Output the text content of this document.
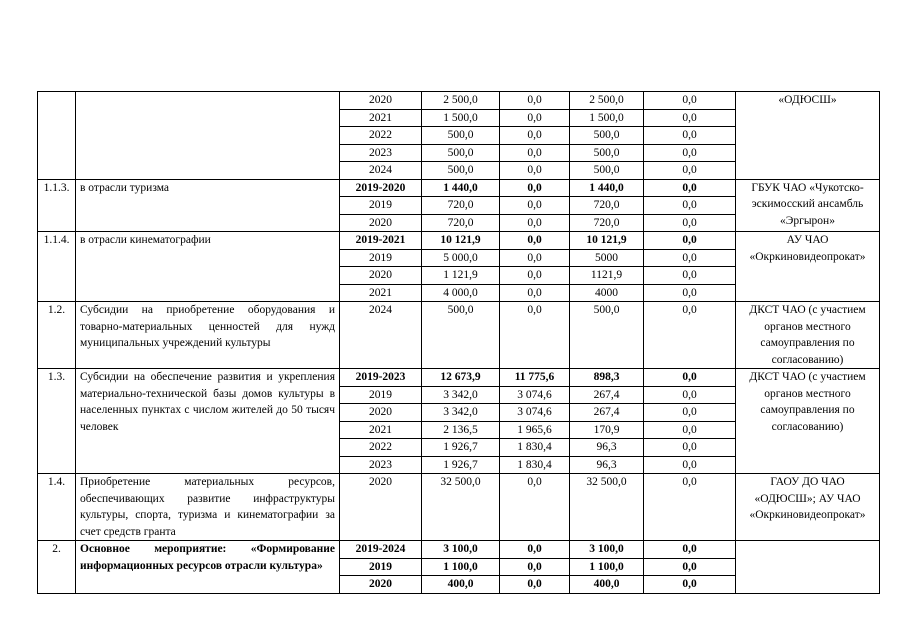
		2020	2 500,0	0,0	2 500,0	0,0	«ОДЮСШ»
		2021	1 500,0	0,0	1 500,0	0,0	
		2022	500,0	0,0	500,0	0,0	
		2023	500,0	0,0	500,0	0,0	
		2024	500,0	0,0	500,0	0,0	
1.1.3.	в отрасли туризма	2019-2020	1 440,0	0,0	1 440,0	0,0	ГБУК ЧАО «Чукотско-эскимосский ансамбль «Эргырон»
		2019	720,0	0,0	720,0	0,0	
		2020	720,0	0,0	720,0	0,0	
1.1.4.	в отрасли кинематографии	2019-2021	10 121,9	0,0	10 121,9	0,0	АУ ЧАО «Окркиновидеопрокат»
		2019	5 000,0	0,0	5000	0,0	
		2020	1 121,9	0,0	1121,9	0,0	
		2021	4 000,0	0,0	4000	0,0	
1.2.	Субсидии на приобретение оборудования и товарно-материальных ценностей для нужд муниципальных учреждений культуры	2024	500,0	0,0	500,0	0,0	ДКСТ ЧАО (с участием органов местного самоуправления по согласованию)
1.3.	Субсидии на обеспечение развития и укрепления материально-технической базы домов культуры в населенных пунктах с числом жителей до 50 тысяч человек	2019-2023	12 673,9	11 775,6	898,3	0,0	ДКСТ ЧАО (с участием органов местного самоуправления по согласованию)
		2019	3 342,0	3 074,6	267,4	0,0	
		2020	3 342,0	3 074,6	267,4	0,0	
		2021	2 136,5	1 965,6	170,9	0,0	
		2022	1 926,7	1 830,4	96,3	0,0	
		2023	1 926,7	1 830,4	96,3	0,0	
1.4.	Приобретение материальных ресурсов, обеспечивающих развитие инфраструктуры культуры, спорта, туризма и кинематографии за счет средств гранта	2020	32 500,0	0,0	32 500,0	0,0	ГАОУ ДО ЧАО «ОДЮСШ»; АУ ЧАО «Окркиновидеопрокат»
2.	Основное мероприятие: «Формирование информационных ресурсов отрасли культура»	2019-2024	3 100,0	0,0	3 100,0	0,0	
		2019	1 100,0	0,0	1 100,0	0,0	
		2020	400,0	0,0	400,0	0,0	
